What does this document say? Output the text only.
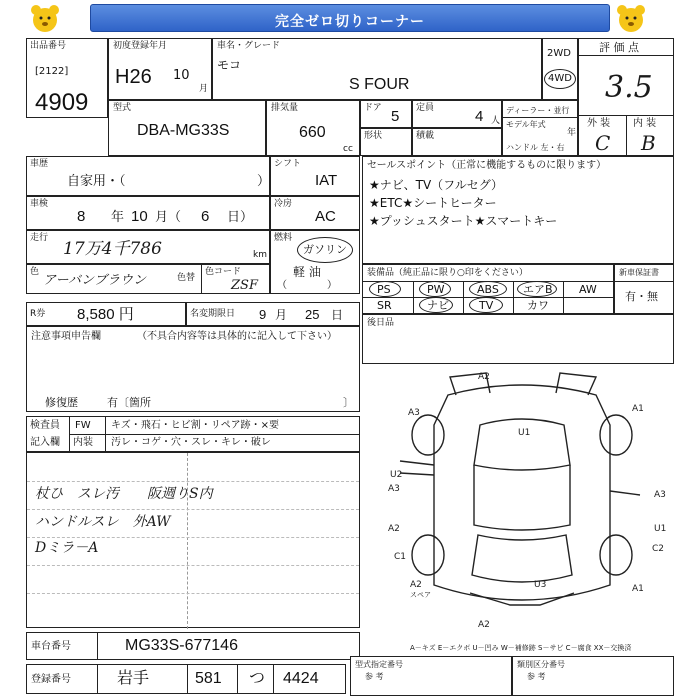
完全ゼロ切りコーナー
出品番号
[2122]
4909
初度登録年月
H26 10
月
車名・グレード
モコ
S FOUR
2WD
4WD
評 価 点
3.5
外 装 内 装
C B
型式
DBA-MG33S
排気量
660
cc
ドア 5 定員	4 人
形状	積載
ディーラー・並行
モデル年式
年
ハンドル 左・右
車歴
自家用・（	）
シフト
IAT
車検
8 年 10 月（ 6 日）
冷房
AC
走行
17万4千786	km
燃料
ガソリン
軽 油
（　　　　）
色
アーバンブラウン	色替
色コード
ZSF
R券 8,580 円	名変期限日 9 月 25 日
セールスポイント（正常に機能するものに限ります）
★ナビ、TV（フルセグ）
★ETC★シートヒーター
★プッシュスタート★スマートキー
装備品（純正品に限り○印をください）
PS	PW	ABS エアB AW
SR	ナビ	TV	カワ
新車保証書
有・無
後日品
注意事項申告欄	（不具合内容等は具体的に記入して下さい）
修復歴	有〔箇所	〕
検査員
記入欄
FW キズ・飛石・ヒビ割・リペア跡・×要
内装 汚レ・コゲ・穴・スレ・キレ・破レ
杖ひ　スレ汚　　阪週りS内
ハンドルスレ　外AW
Dミラ－A
A2
A3	A1
U1
U2
A3
A3
A2	U1
C1
C2
U3
A2
スペア
A2
A1
A－キズ E－エクボ U－凹み W－補修跡 S－サビ C－腐食 XX－交換済
車台番号	MG33S-677146
登録番号	岩手	581 つ 4424
型式指定番号
参 考
類別区分番号
参 考
